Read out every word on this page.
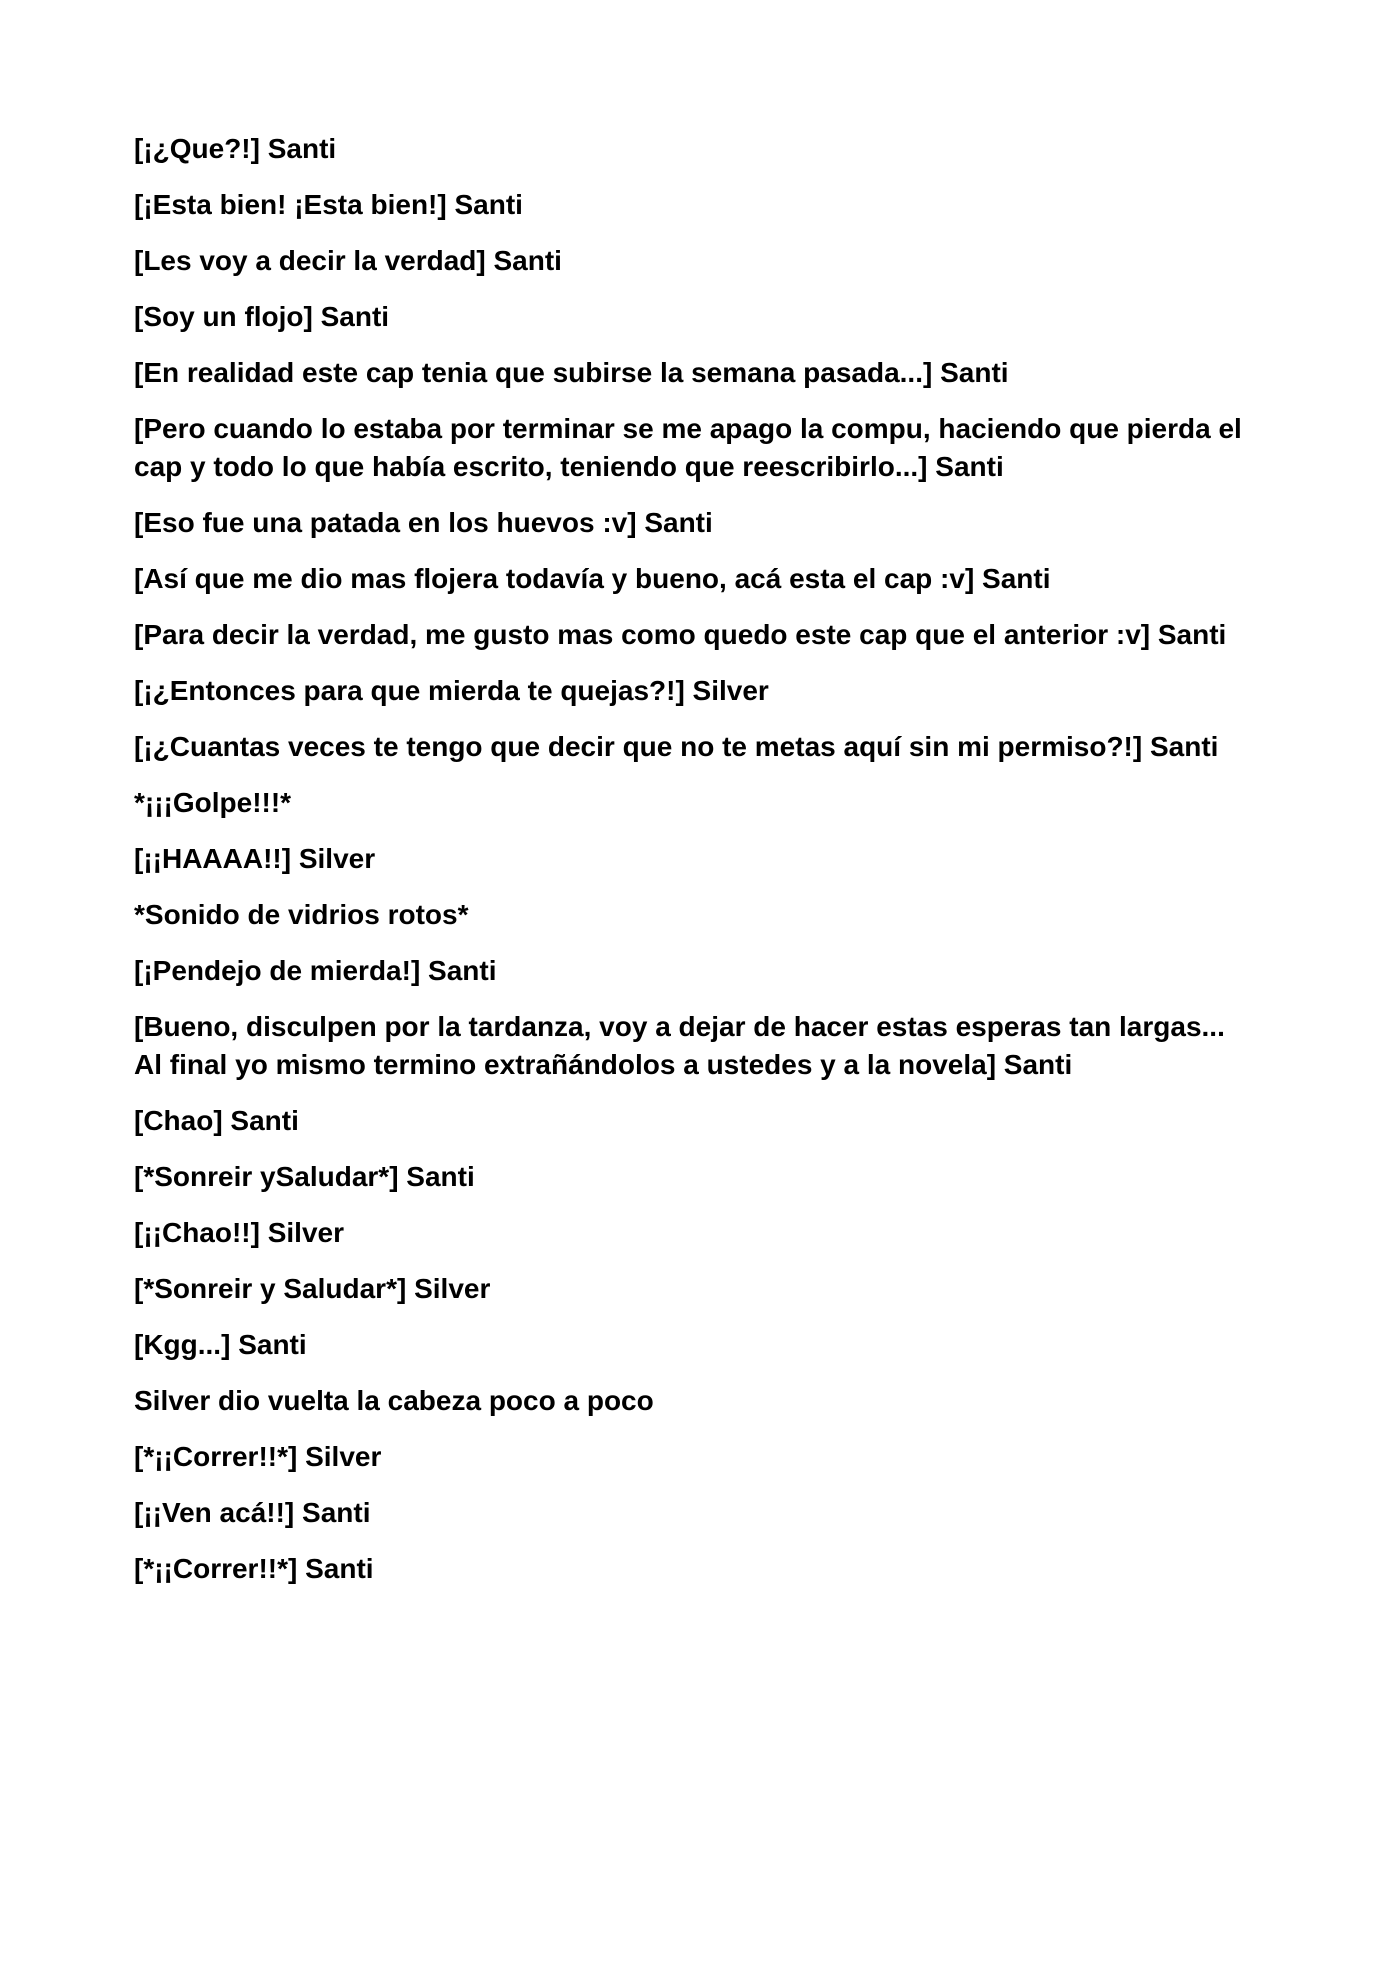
[¡¿Que?!] Santi

[¡Esta bien! ¡Esta bien!] Santi

[Les voy a decir la verdad] Santi

[Soy un flojo] Santi

[En realidad este cap tenia que subirse la semana pasada...] Santi

[Pero cuando lo estaba por terminar se me apago la compu, haciendo que pierda el
cap y todo lo que había escrito, teniendo que reescribirlo...] Santi

[Eso fue una patada en los huevos :v] Santi

[Así que me dio mas flojera todavía y bueno, acá esta el cap :v] Santi

[Para decir la verdad, me gusto mas como quedo este cap que el anterior :v] Santi

[¡¿Entonces para que mierda te quejas?!] Silver

[¡¿Cuantas veces te tengo que decir que no te metas aquí sin mi permiso?!] Santi

*¡¡¡Golpe!!!*

[¡¡HAAAA!!] Silver

*Sonido de vidrios rotos*

[¡Pendejo de mierda!] Santi

[Bueno, disculpen por la tardanza, voy a dejar de hacer estas esperas tan largas...
Al final yo mismo termino extrañándolos a ustedes y a la novela] Santi

[Chao] Santi

[*Sonreir ySaludar*] Santi

[¡¡Chao!!] Silver

[*Sonreir y Saludar*] Silver

[Kgg...] Santi

Silver dio vuelta la cabeza poco a poco

[*¡¡Correr!!*] Silver

[¡¡Ven acá!!] Santi

[*¡¡Correr!!*] Santi
